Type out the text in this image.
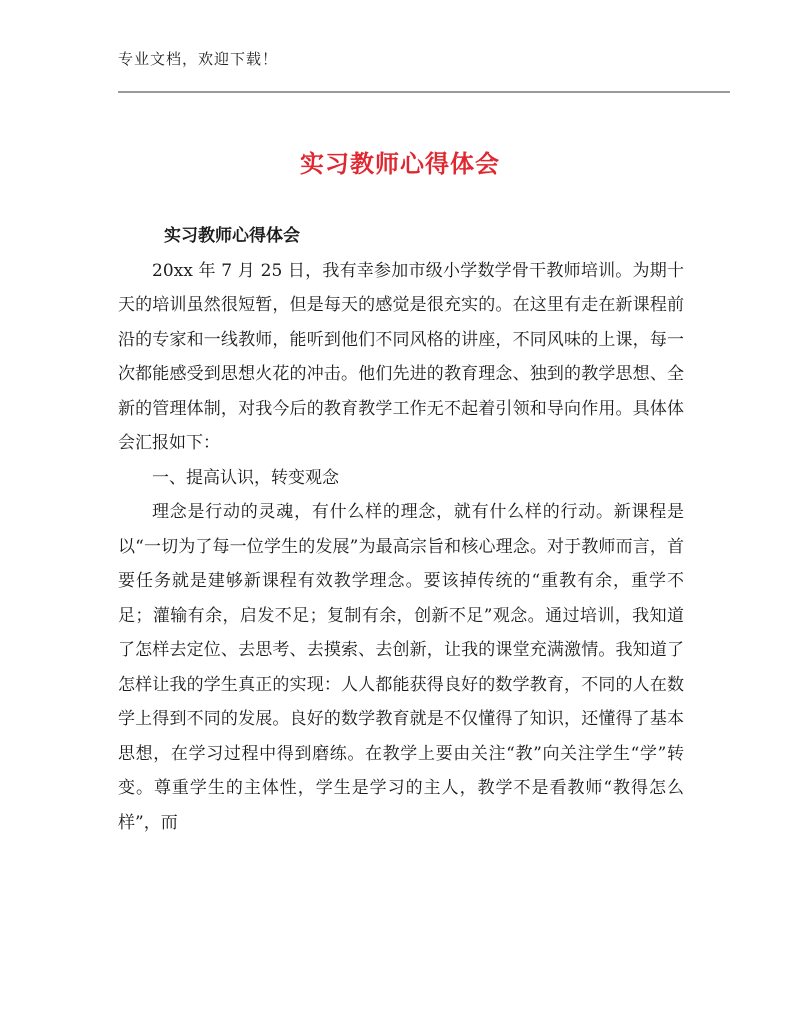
专业文档，欢迎下载！
实习教师心得体会

实习教师心得体会

20xx 年 7 月 25 日，我有幸参加市级小学数学骨干教师培训。为期十天的培训虽然很短暂，但是每天的感觉是很充实的。在这里有走在新课程前沿的专家和一线教师，能听到他们不同风格的讲座，不同风味的上课，每一次都能感受到思想火花的冲击。他们先进的教育理念、独到的教学思想、全新的管理体制，对我今后的教育教学工作无不起着引领和导向作用。具体体会汇报如下：

一、提高认识，转变观念

理念是行动的灵魂，有什么样的理念，就有什么样的行动。新课程是以“一切为了每一位学生的发展”为最高宗旨和核心理念。对于教师而言，首要任务就是建够新课程有效教学理念。要该掉传统的“重教有余，重学不足；灌输有余，启发不足；复制有余，创新不足”观念。通过培训，我知道了怎样去定位、去思考、去摸索、去创新，让我的课堂充满激情。我知道了怎样让我的学生真正的实现：人人都能获得良好的数学教育，不同的人在数学上得到不同的发展。良好的数学教育就是不仅懂得了知识，还懂得了基本思想，在学习过程中得到磨练。在教学上要由关注“教”向关注学生“学”转变。尊重学生的主体性，学生是学习的主人，教学不是看教师“教得怎么样”，而
